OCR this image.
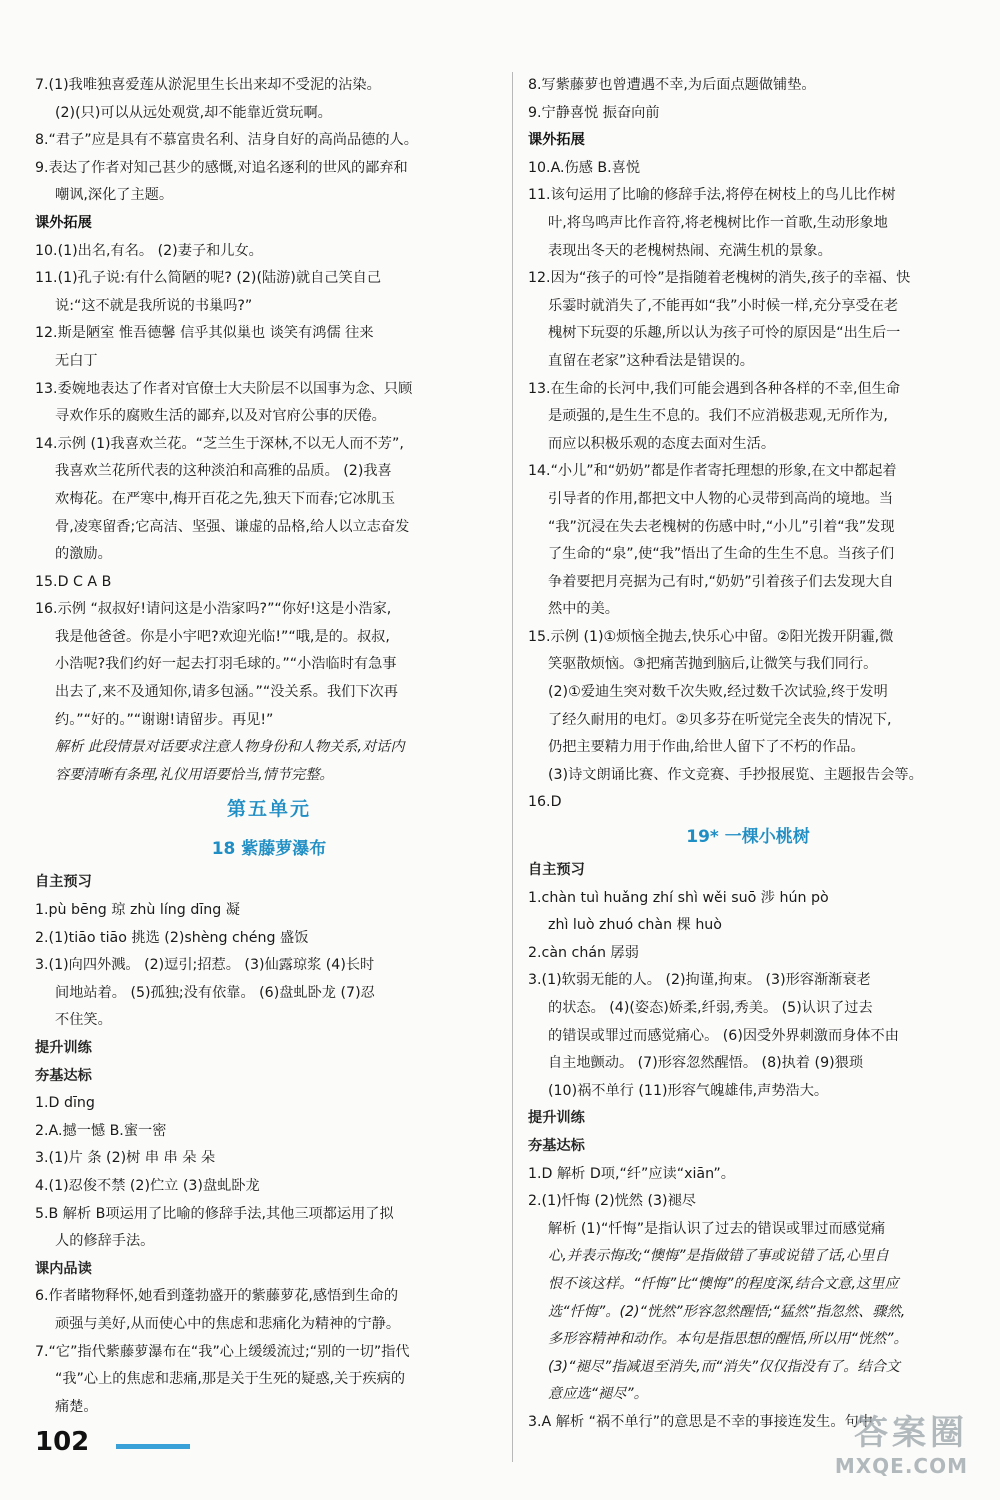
7.(1)我唯独喜爱莲从淤泥里生长出来却不受泥的沾染。
(2)(只)可以从远处观赏,却不能靠近赏玩啊。
8.“君子”应是具有不慕富贵名利、洁身自好的高尚品德的人。
9.表达了作者对知己甚少的感慨,对追名逐利的世风的鄙弃和
嘲讽,深化了主题。
课外拓展
10.(1)出名,有名。 (2)妻子和儿女。
11.(1)孔子说:有什么简陋的呢? (2)(陆游)就自己笑自己
说:“这不就是我所说的书巢吗?”
12.斯是陋室 惟吾德馨 信乎其似巢也 谈笑有鸿儒 往来
无白丁
13.委婉地表达了作者对官僚士大夫阶层不以国事为念、只顾
寻欢作乐的腐败生活的鄙弃,以及对官府公事的厌倦。
14.示例 (1)我喜欢兰花。“芝兰生于深林,不以无人而不芳”,
我喜欢兰花所代表的这种淡泊和高雅的品质。 (2)我喜
欢梅花。在严寒中,梅开百花之先,独天下而春;它冰肌玉
骨,凌寒留香;它高洁、坚强、谦虚的品格,给人以立志奋发
的激励。
15.D C A B
16.示例 “叔叔好!请问这是小浩家吗?”“你好!这是小浩家,
我是他爸爸。你是小宇吧?欢迎光临!”“哦,是的。叔叔,
小浩呢?我们约好一起去打羽毛球的。”“小浩临时有急事
出去了,来不及通知你,请多包涵。”“没关系。我们下次再
约。”“好的。”“谢谢!请留步。再见!”
解析 此段情景对话要求注意人物身份和人物关系,对话内
容要清晰有条理,礼仪用语要恰当,情节完整。
第五单元
18 紫藤萝瀑布
自主预习
1.pù bēng 琼 zhù líng dīng 凝
2.(1)tiāo tiāo 挑选 (2)shèng chéng 盛饭
3.(1)向四外溅。 (2)逗引;招惹。 (3)仙露琼浆 (4)长时
间地站着。 (5)孤独;没有依靠。 (6)盘虬卧龙 (7)忍
不住笑。
提升训练
夯基达标
1.D dīng
2.A.撼一憾 B.蜜一密
3.(1)片 条 (2)树 串 串 朵 朵
4.(1)忍俊不禁 (2)伫立 (3)盘虬卧龙
5.B 解析 B项运用了比喻的修辞手法,其他三项都运用了拟
人的修辞手法。
课内品读
6.作者睹物释怀,她看到蓬勃盛开的紫藤萝花,感悟到生命的
顽强与美好,从而使心中的焦虑和悲痛化为精神的宁静。
7.“它”指代紫藤萝瀑布在“我”心上缓缓流过;“别的一切”指代
“我”心上的焦虑和悲痛,那是关于生死的疑惑,关于疾病的
痛楚。
8.写紫藤萝也曾遭遇不幸,为后面点题做铺垫。
9.宁静喜悦 振奋向前
课外拓展
10.A.伤感 B.喜悦
11.该句运用了比喻的修辞手法,将停在树枝上的鸟儿比作树
叶,将鸟鸣声比作音符,将老槐树比作一首歌,生动形象地
表现出冬天的老槐树热闹、充满生机的景象。
12.因为“孩子的可怜”是指随着老槐树的消失,孩子的幸福、快
乐霎时就消失了,不能再如“我”小时候一样,充分享受在老
槐树下玩耍的乐趣,所以认为孩子可怜的原因是“出生后一
直留在老家”这种看法是错误的。
13.在生命的长河中,我们可能会遇到各种各样的不幸,但生命
是顽强的,是生生不息的。我们不应消极悲观,无所作为,
而应以积极乐观的态度去面对生活。
14.“小儿”和“奶奶”都是作者寄托理想的形象,在文中都起着
引导者的作用,都把文中人物的心灵带到高尚的境地。当
“我”沉浸在失去老槐树的伤感中时,“小儿”引着“我”发现
了生命的“泉”,使“我”悟出了生命的生生不息。当孩子们
争着要把月亮据为己有时,“奶奶”引着孩子们去发现大自
然中的美。
15.示例 (1)①烦恼全抛去,快乐心中留。②阳光拨开阴霾,微
笑驱散烦恼。③把痛苦抛到脑后,让微笑与我们同行。
(2)①爱迪生突对数千次失败,经过数千次试验,终于发明
了经久耐用的电灯。②贝多芬在听觉完全丧失的情况下,
仍把主要精力用于作曲,给世人留下了不朽的作品。
(3)诗文朗诵比赛、作文竞赛、手抄报展览、主题报告会等。
16.D
19* 一棵小桃树
自主预习
1.chàn tuì huǎng zhí shì wěi suō 涉 hún pò
zhì luò zhuó chàn 棵 huò
2.càn chán 孱弱
3.(1)软弱无能的人。 (2)拘谨,拘束。 (3)形容渐渐衰老
的状态。 (4)(姿态)娇柔,纤弱,秀美。 (5)认识了过去
的错误或罪过而感觉痛心。 (6)因受外界刺激而身体不由
自主地颤动。 (7)形容忽然醒悟。 (8)执着 (9)猥琐
(10)祸不单行 (11)形容气魄雄伟,声势浩大。
提升训练
夯基达标
1.D 解析 D项,“纤”应读“xiān”。
2.(1)忏悔 (2)恍然 (3)褪尽
解析 (1)“忏悔”是指认识了过去的错误或罪过而感觉痛
心,并表示悔改;“懊悔”是指做错了事或说错了话,心里自
恨不该这样。“忏悔”比“懊悔”的程度深,结合文意,这里应
选“忏悔”。(2)“恍然”形容忽然醒悟;“猛然”指忽然、骤然,
多形容精神和动作。本句是指思想的醒悟,所以用“恍然”。
(3)“褪尽”指减退至消失,而“消失”仅仅指没有了。结合文
意应选“褪尽”。
3.A 解析 “祸不单行”的意思是不幸的事接连发生。句中
102	答案圈
MXQE.COM
